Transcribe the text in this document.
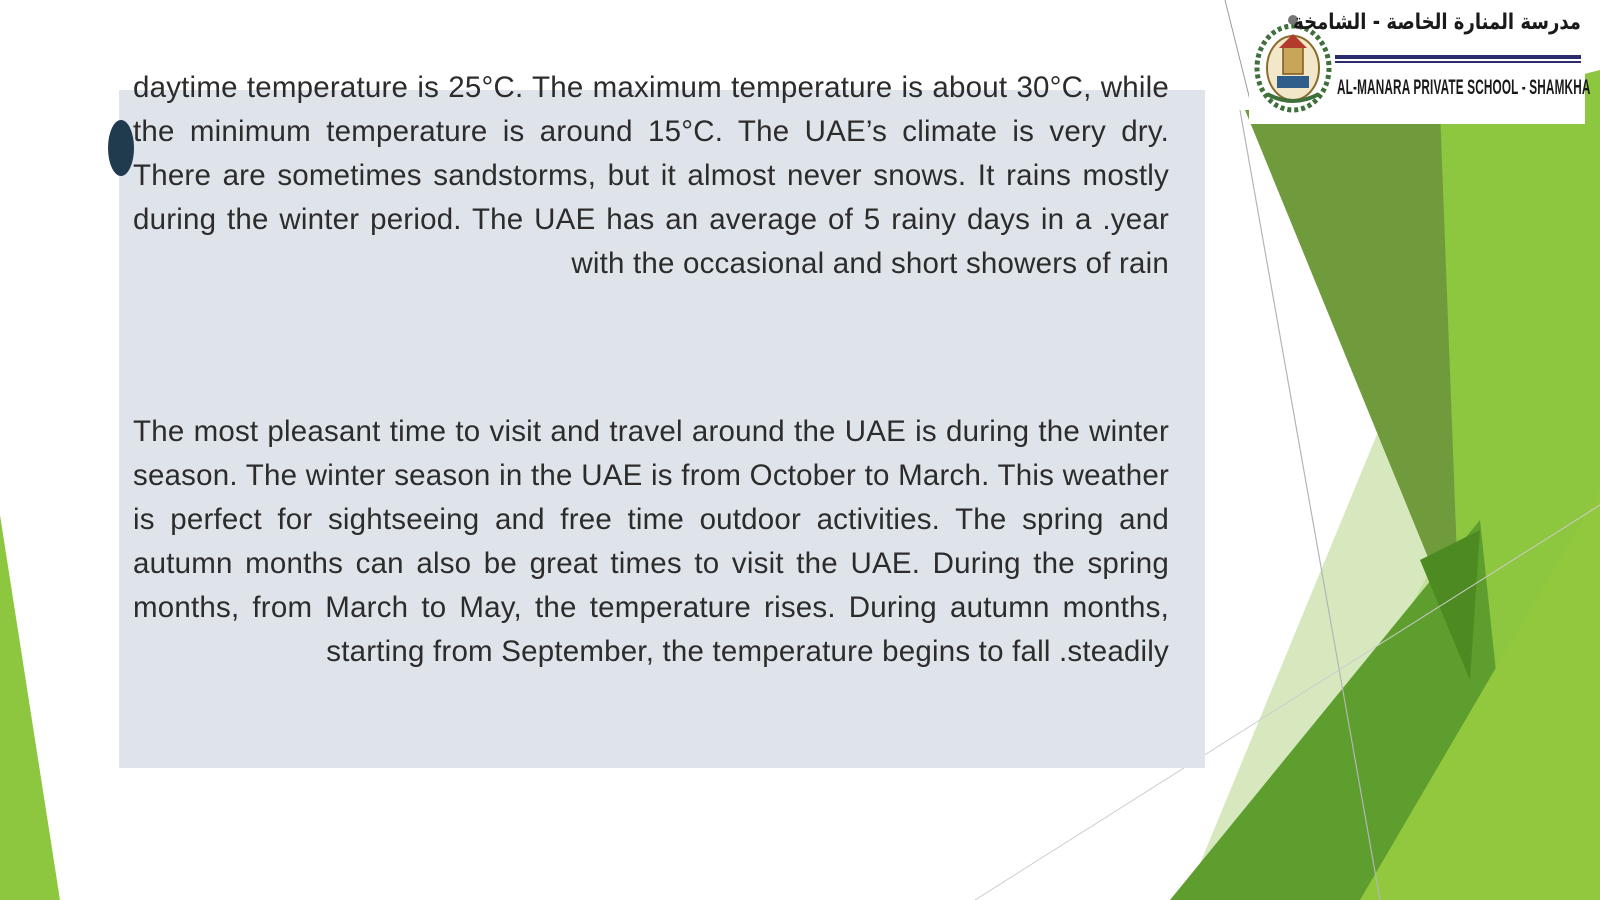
daytime temperature is 25°C. The maximum temperature is about 30°C, while the minimum temperature is around 15°C. The UAE’s climate is very dry. There are sometimes sandstorms, but it almost never snows. It rains mostly during the winter period. The UAE has an average of 5 rainy days in a .year with the occasional and short showers of rain

The most pleasant time to visit and travel around the UAE is during the winter season. The winter season in the UAE is from October to March. This weather is perfect for sightseeing and free time outdoor activities. The spring and autumn months can also be great times to visit the UAE. During the spring months, from March to May, the temperature rises. During autumn months, starting from September, the temperature begins to fall .steadily

مدرسة المنارة الخاصة - الشامخة
AL-MANARA PRIVATE SCHOOL - SHAMKHA
